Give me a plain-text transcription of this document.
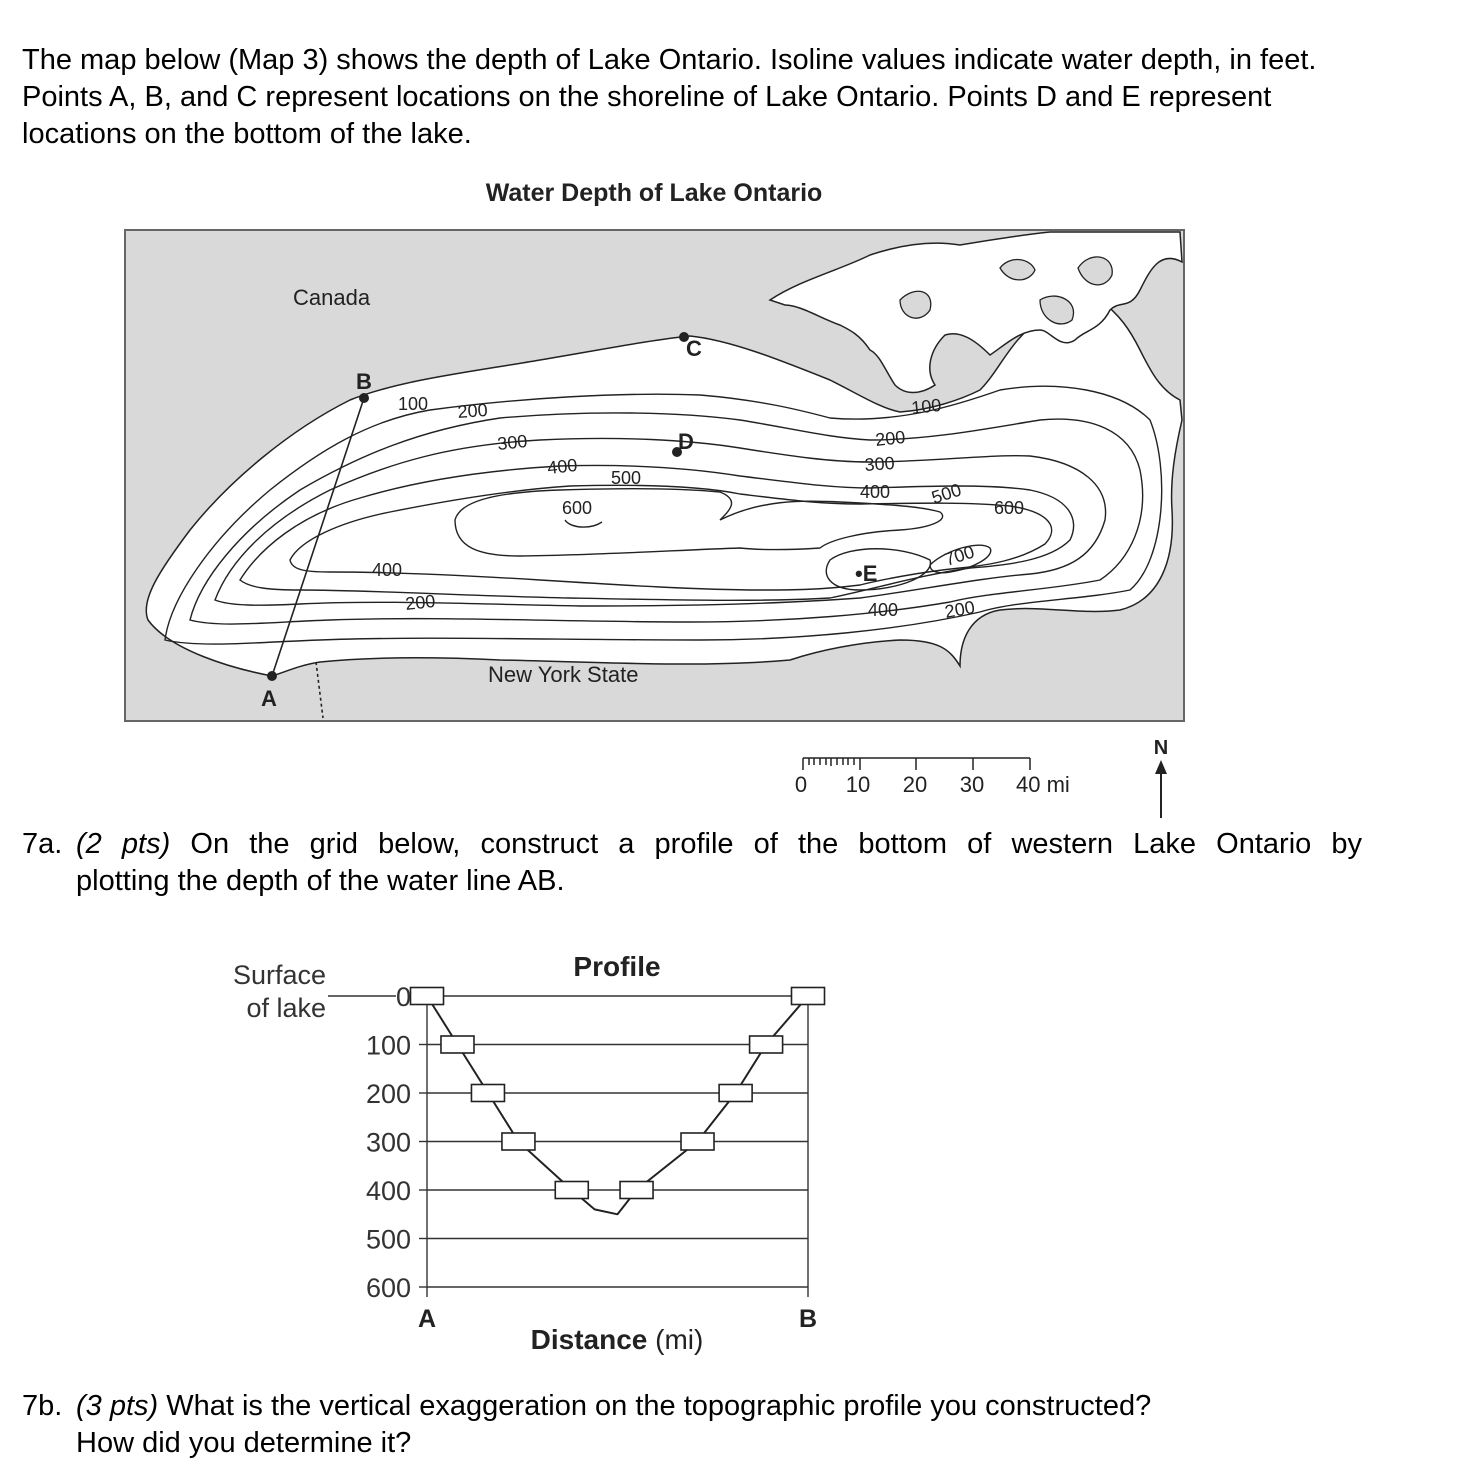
The map below (Map 3) shows the depth of Lake Ontario. Isoline values indicate water depth, in feet. Points A, B, and C represent locations on the shoreline of Lake Ontario. Points D and E represent locations on the bottom of the lake.
Water Depth of Lake Ontario
Canada
New York State
A
B
C
D
•E
100 200
300
400
500
600
400
200
100
200
300
400 500
600
700
400	200
0 10 20 30 40 mi
N
7a. (2 pts) On the grid below, construct a profile of the bottom of western Lake Ontario by
plotting the depth of the water line AB.
Profile
Surface
of lake	0
100
200
300
400
500
600
A	B
Distance (mi)
7b. (3 pts) What is the vertical exaggeration on the topographic profile you constructed?
How did you determine it?
